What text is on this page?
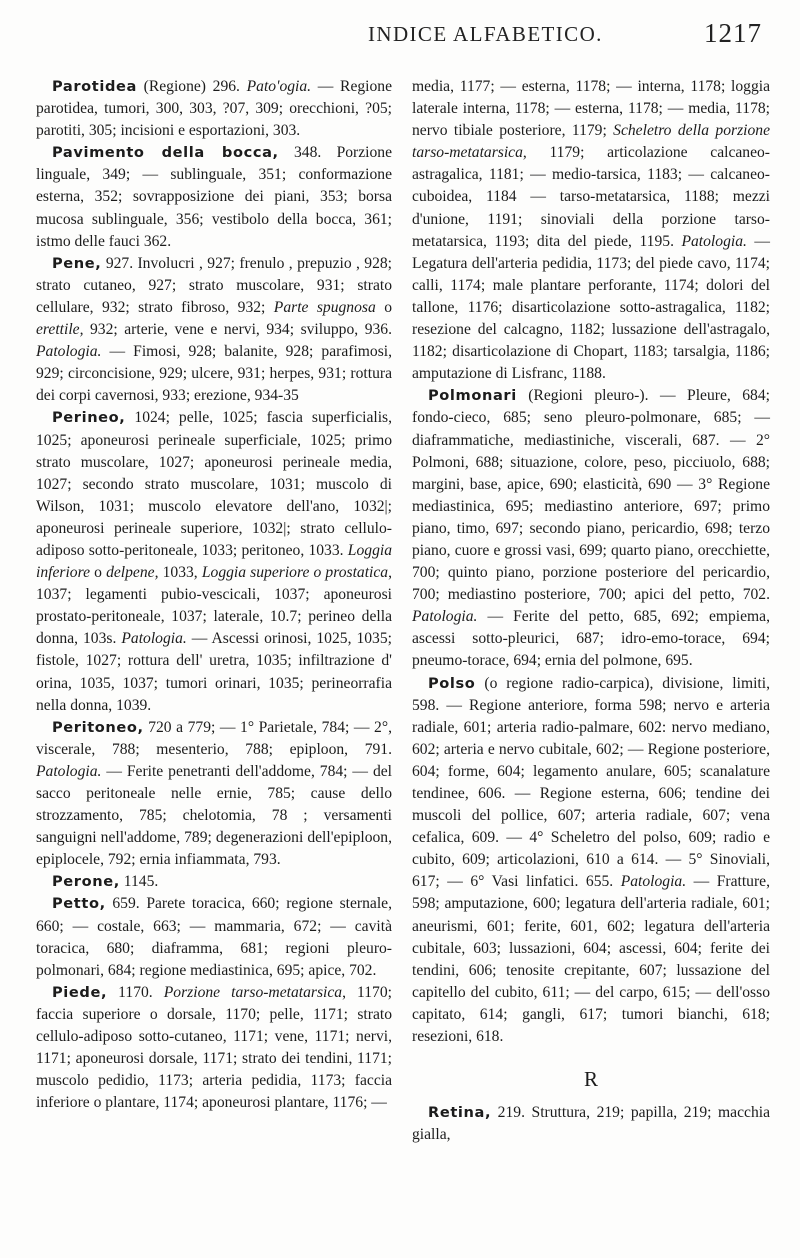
INDICE ALFABETICO.	1217

Parotidea (Regione) 296. Pato'ogia. — Regione parotidea, tumori, 300, 303, ?07, 309; orecchioni, ?05; parotiti, 305; incisioni e esportazioni, 303.

Pavimento della bocca, 348. Porzione linguale, 349; — sublinguale, 351; conformazione esterna, 352; sovrapposizione dei piani, 353; borsa mucosa sublinguale, 356; vestibolo della bocca, 361; istmo delle fauci 362.

Pene, 927. Involucri , 927; frenulo , prepuzio , 928; strato cutaneo, 927; strato muscolare, 931; strato cellulare, 932; strato fibroso, 932; Parte spugnosa o erettile, 932; arterie, vene e nervi, 934; sviluppo, 936. Patologia. — Fimosi, 928; balanite, 928; parafimosi, 929; circoncisione, 929; ulcere, 931; herpes, 931; rottura dei corpi cavernosi, 933; erezione, 934-35

Perineo, 1024; pelle, 1025; fascia superficialis, 1025; aponeurosi perineale superficiale, 1025; primo strato muscolare, 1027; aponeurosi perineale media, 1027; secondo strato muscolare, 1031; muscolo di Wilson, 1031; muscolo elevatore dell'ano, 1032|; aponeurosi perineale superiore, 1032|; strato cellulo-adiposo sotto-peritoneale, 1033; peritoneo, 1033. Loggia inferiore o delpene, 1033, Loggia superiore o prostatica, 1037; legamenti pubio-vescicali, 1037; aponeurosi prostato-peritoneale, 1037; laterale, 10.7; perineo della donna, 103s. Patologia. — Ascessi orinosi, 1025, 1035; fistole, 1027; rottura dell' uretra, 1035; infiltrazione d' orina, 1035, 1037; tumori orinari, 1035; perineorrafia nella donna, 1039.

Peritoneo, 720 a 779; — 1° Parietale, 784; — 2°, viscerale, 788; mesenterio, 788; epiploon, 791. Patologia. — Ferite penetranti dell'addome, 784; — del sacco peritoneale nelle ernie, 785; cause dello strozzamento, 785; chelotomia, 78 ; versamenti sanguigni nell'addome, 789; degenerazioni dell'epiploon, epiplocele, 792; ernia infiammata, 793.

Perone, 1145.

Petto, 659. Parete toracica, 660; regione sternale, 660; — costale, 663; — mammaria, 672; — cavità toracica, 680; diaframma, 681; regioni pleuro-polmonari, 684; regione mediastinica, 695; apice, 702.

Piede, 1170. Porzione tarso-metatarsica, 1170; faccia superiore o dorsale, 1170; pelle, 1171; strato cellulo-adiposo sotto-cutaneo, 1171; vene, 1171; nervi, 1171; aponeurosi dorsale, 1171; strato dei tendini, 1171; muscolo pedidio, 1173; arteria pedidia, 1173; faccia inferiore o plantare, 1174; aponeurosi plantare, 1176; —

media, 1177; — esterna, 1178; — interna, 1178; loggia laterale interna, 1178; — esterna, 1178; — media, 1178; nervo tibiale posteriore, 1179; Scheletro della porzione tarso-metatarsica, 1179; articolazione calcaneo-astragalica, 1181; — medio-tarsica, 1183; — calcaneo-cuboidea, 1184 — tarso-metatarsica, 1188; mezzi d'unione, 1191; sinoviali della porzione tarso-metatarsica, 1193; dita del piede, 1195. Patologia. — Legatura dell'arteria pedidia, 1173; del piede cavo, 1174; calli, 1174; male plantare perforante, 1174; dolori del tallone, 1176; disarticolazione sotto-astragalica, 1182; resezione del calcagno, 1182; lussazione dell'astragalo, 1182; disarticolazione di Chopart, 1183; tarsalgia, 1186; amputazione di Lisfranc, 1188.

Polmonari (Regioni pleuro-). — Pleure, 684; fondo-cieco, 685; seno pleuro-polmonare, 685; — diaframmatiche, mediastiniche, viscerali, 687. — 2° Polmoni, 688; situazione, colore, peso, picciuolo, 688; margini, base, apice, 690; elasticità, 690 — 3° Regione mediastinica, 695; mediastino anteriore, 697; primo piano, timo, 697; secondo piano, pericardio, 698; terzo piano, cuore e grossi vasi, 699; quarto piano, orecchiette, 700; quinto piano, porzione posteriore del pericardio, 700; mediastino posteriore, 700; apici del petto, 702. Patologia. — Ferite del petto, 685, 692; empiema, ascessi sotto-pleurici, 687; idro-emo-torace, 694; pneumo-torace, 694; ernia del polmone, 695.

Polso (o regione radio-carpica), divisione, limiti, 598. — Regione anteriore, forma 598; nervo e arteria radiale, 601; arteria radio-palmare, 602: nervo mediano, 602; arteria e nervo cubitale, 602; — Regione posteriore, 604; forme, 604; legamento anulare, 605; scanalature tendinee, 606. — Regione esterna, 606; tendine dei muscoli del pollice, 607; arteria radiale, 607; vena cefalica, 609. — 4° Scheletro del polso, 609; radio e cubito, 609; articolazioni, 610 a 614. — 5° Sinoviali, 617; — 6° Vasi linfatici. 655. Patologia. — Fratture, 598; amputazione, 600; legatura dell'arteria radiale, 601; aneurismi, 601; ferite, 601, 602; legatura dell'arteria cubitale, 603; lussazioni, 604; ascessi, 604; ferite dei tendini, 606; tenosite crepitante, 607; lussazione del capitello del cubito, 611; — del carpo, 615; — dell'osso capitato, 614; gangli, 617; tumori bianchi, 618; resezioni, 618.

R

Retina, 219. Struttura, 219; papilla, 219; macchia gialla,
